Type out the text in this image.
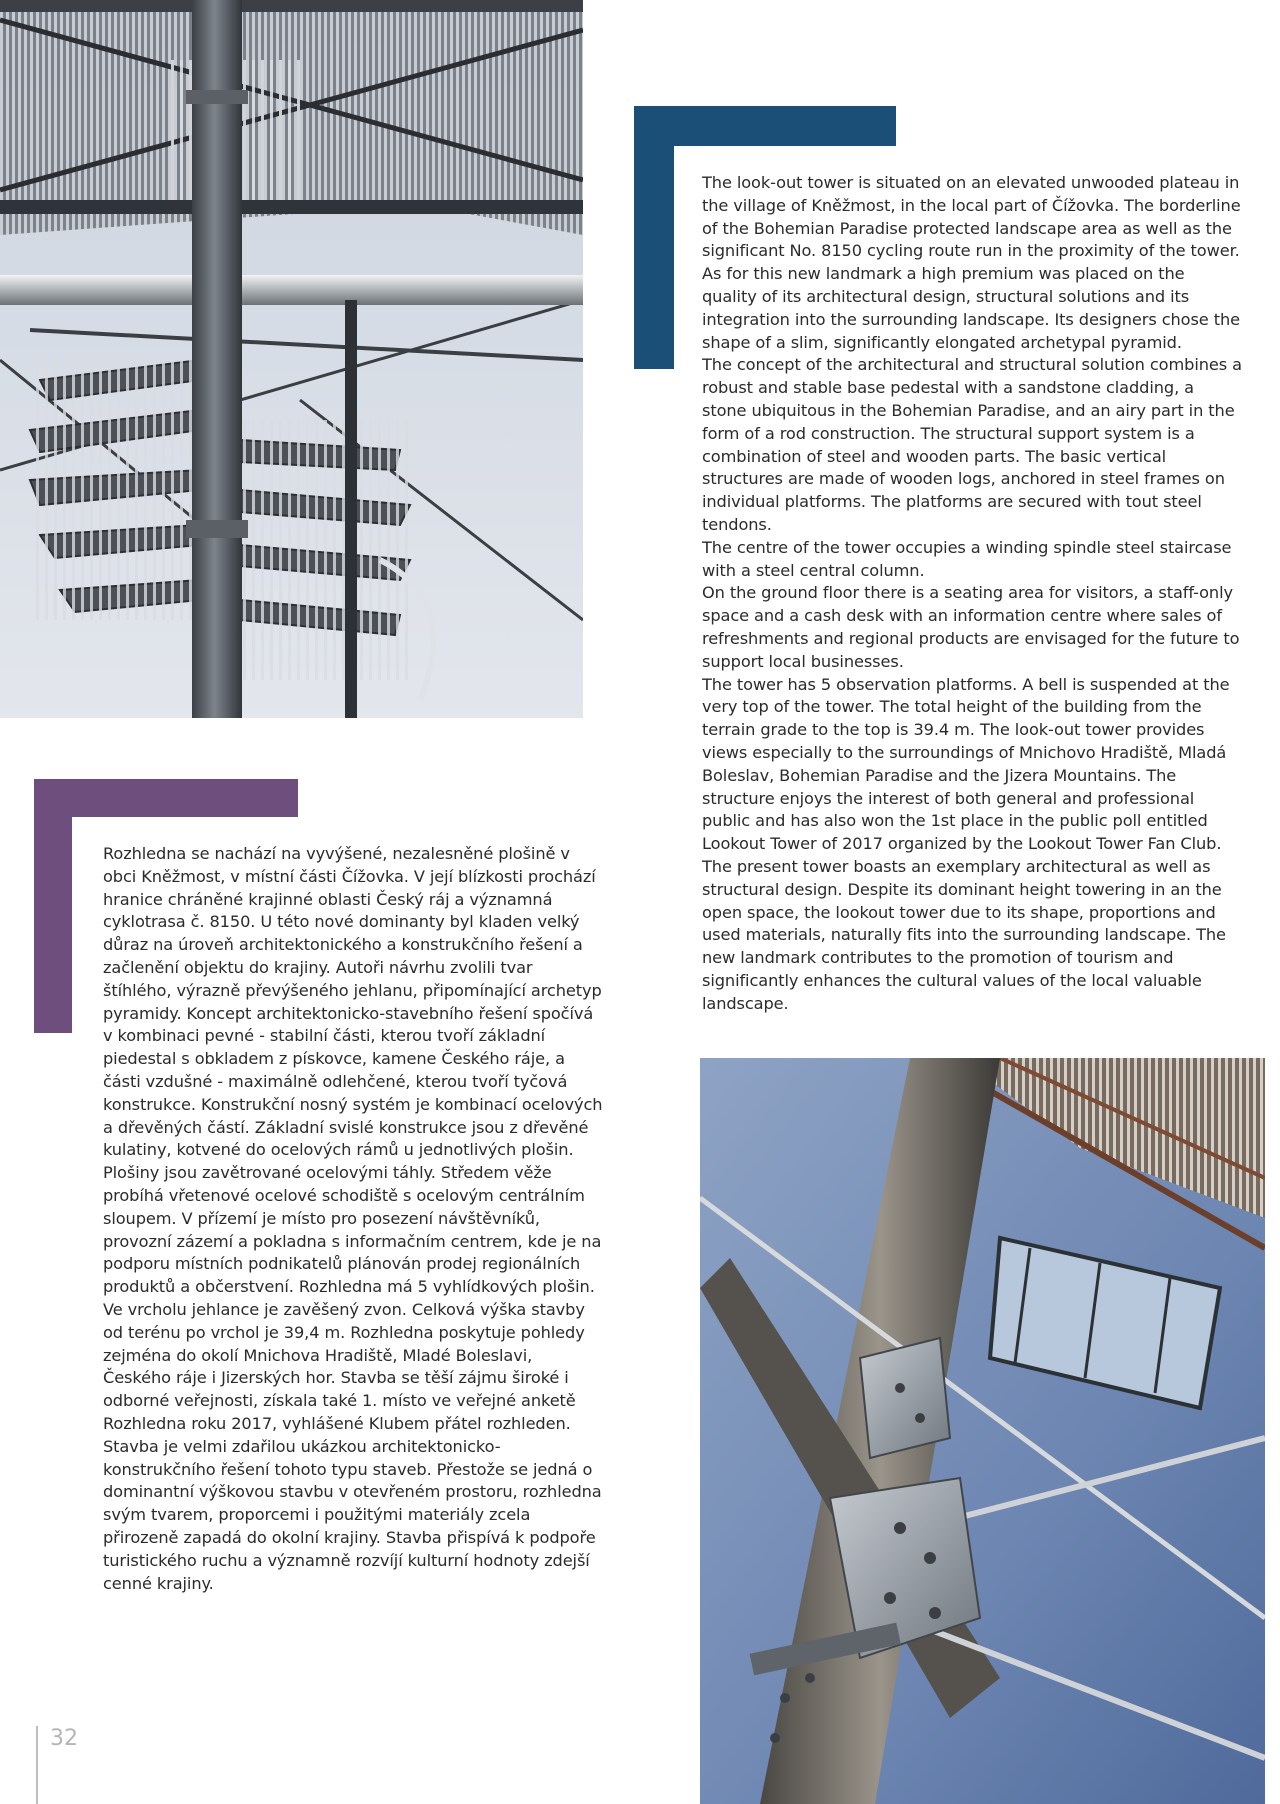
The look-out tower is situated on an elevated unwooded plateau in the village of Kněžmost, in the local part of Čížovka. The borderline of the Bohemian Paradise protected landscape area as well as the significant No. 8150 cycling route run in the proximity of the tower. As for this new landmark a high premium was placed on the quality of its architectural design, structural solutions and its integration into the surrounding landscape. Its designers chose the shape of a slim, significantly elongated archetypal pyramid.

The concept of the architectural and structural solution combines a robust and stable base pedestal with a sandstone cladding, a stone ubiquitous in the Bohemian Paradise, and an airy part in the form of a rod construction. The structural support system is a combination of steel and wooden parts. The basic vertical structures are made of wooden logs, anchored in steel frames on individual platforms. The platforms are secured with tout steel tendons.

The centre of the tower occupies a winding spindle steel staircase with a steel central column.

On the ground floor there is a seating area for visitors, a staff-only space and a cash desk with an information centre where sales of refreshments and regional products are envisaged for the future to support local businesses.

The tower has 5 observation platforms. A bell is suspended at the very top of the tower. The total height of the building from the terrain grade to the top is 39.4 m. The look-out tower provides views especially to the surroundings of Mnichovo Hradiště, Mladá Boleslav, Bohemian Paradise and the Jizera Mountains. The structure enjoys the interest of both general and professional public and has also won the 1st place in the public poll entitled Lookout Tower of 2017 organized by the Lookout Tower Fan Club.

The present tower boasts an exemplary architectural as well as structural design. Despite its dominant height towering in an the open space, the lookout tower due to its shape, proportions and used materials, naturally fits into the surrounding landscape. The new landmark contributes to the promotion of tourism and significantly enhances the cultural values of the local valuable landscape.

Rozhledna se nachází na vyvýšené, nezalesněné plošině v obci Kněžmost, v místní části Čížovka. V její blízkosti prochází hranice chráněné krajinné oblasti Český ráj a významná cyklotrasa č. 8150. U této nové dominanty byl kladen velký důraz na úroveň architektonického a konstrukčního řešení a začlenění objektu do krajiny. Autoři návrhu zvolili tvar štíhlého, výrazně převýšeného jehlanu, připomínající archetyp pyramidy. Koncept architektonicko-stavebního řešení spočívá v kombinaci pevné - stabilní části, kterou tvoří základní piedestal s obkladem z pískovce, kamene Českého ráje, a části vzdušné - maximálně odlehčené, kterou tvoří tyčová konstrukce. Konstrukční nosný systém je kombinací ocelových a dřevěných částí. Základní svislé konstrukce jsou z dřevěné kulatiny, kotvené do ocelových rámů u jednotlivých plošin. Plošiny jsou zavětrované ocelovými táhly. Středem věže probíhá vřetenové ocelové schodiště s ocelovým centrálním sloupem. V přízemí je místo pro posezení návštěvníků, provozní zázemí a pokladna s informačním centrem, kde je na podporu místních podnikatelů plánován prodej regionálních produktů a občerstvení. Rozhledna má 5 vyhlídkových plošin. Ve vrcholu jehlance je zavěšený zvon. Celková výška stavby od terénu po vrchol je 39,4 m. Rozhledna poskytuje pohledy zejména do okolí Mnichova Hradiště, Mladé Boleslavi, Českého ráje i Jizerských hor. Stavba se těší zájmu široké i odborné veřejnosti, získala také 1. místo ve veřejné anketě Rozhledna roku 2017, vyhlášené Klubem přátel rozhleden.

Stavba je velmi zdařilou ukázkou architektonicko-konstrukčního řešení tohoto typu staveb. Přestože se jedná o dominantní výškovou stavbu v otevřeném prostoru, rozhledna svým tvarem, proporcemi i použitými materiály zcela přirozeně zapadá do okolní krajiny. Stavba přispívá k podpoře turistického ruchu a významně rozvíjí kulturní hodnoty zdejší cenné krajiny.

32
